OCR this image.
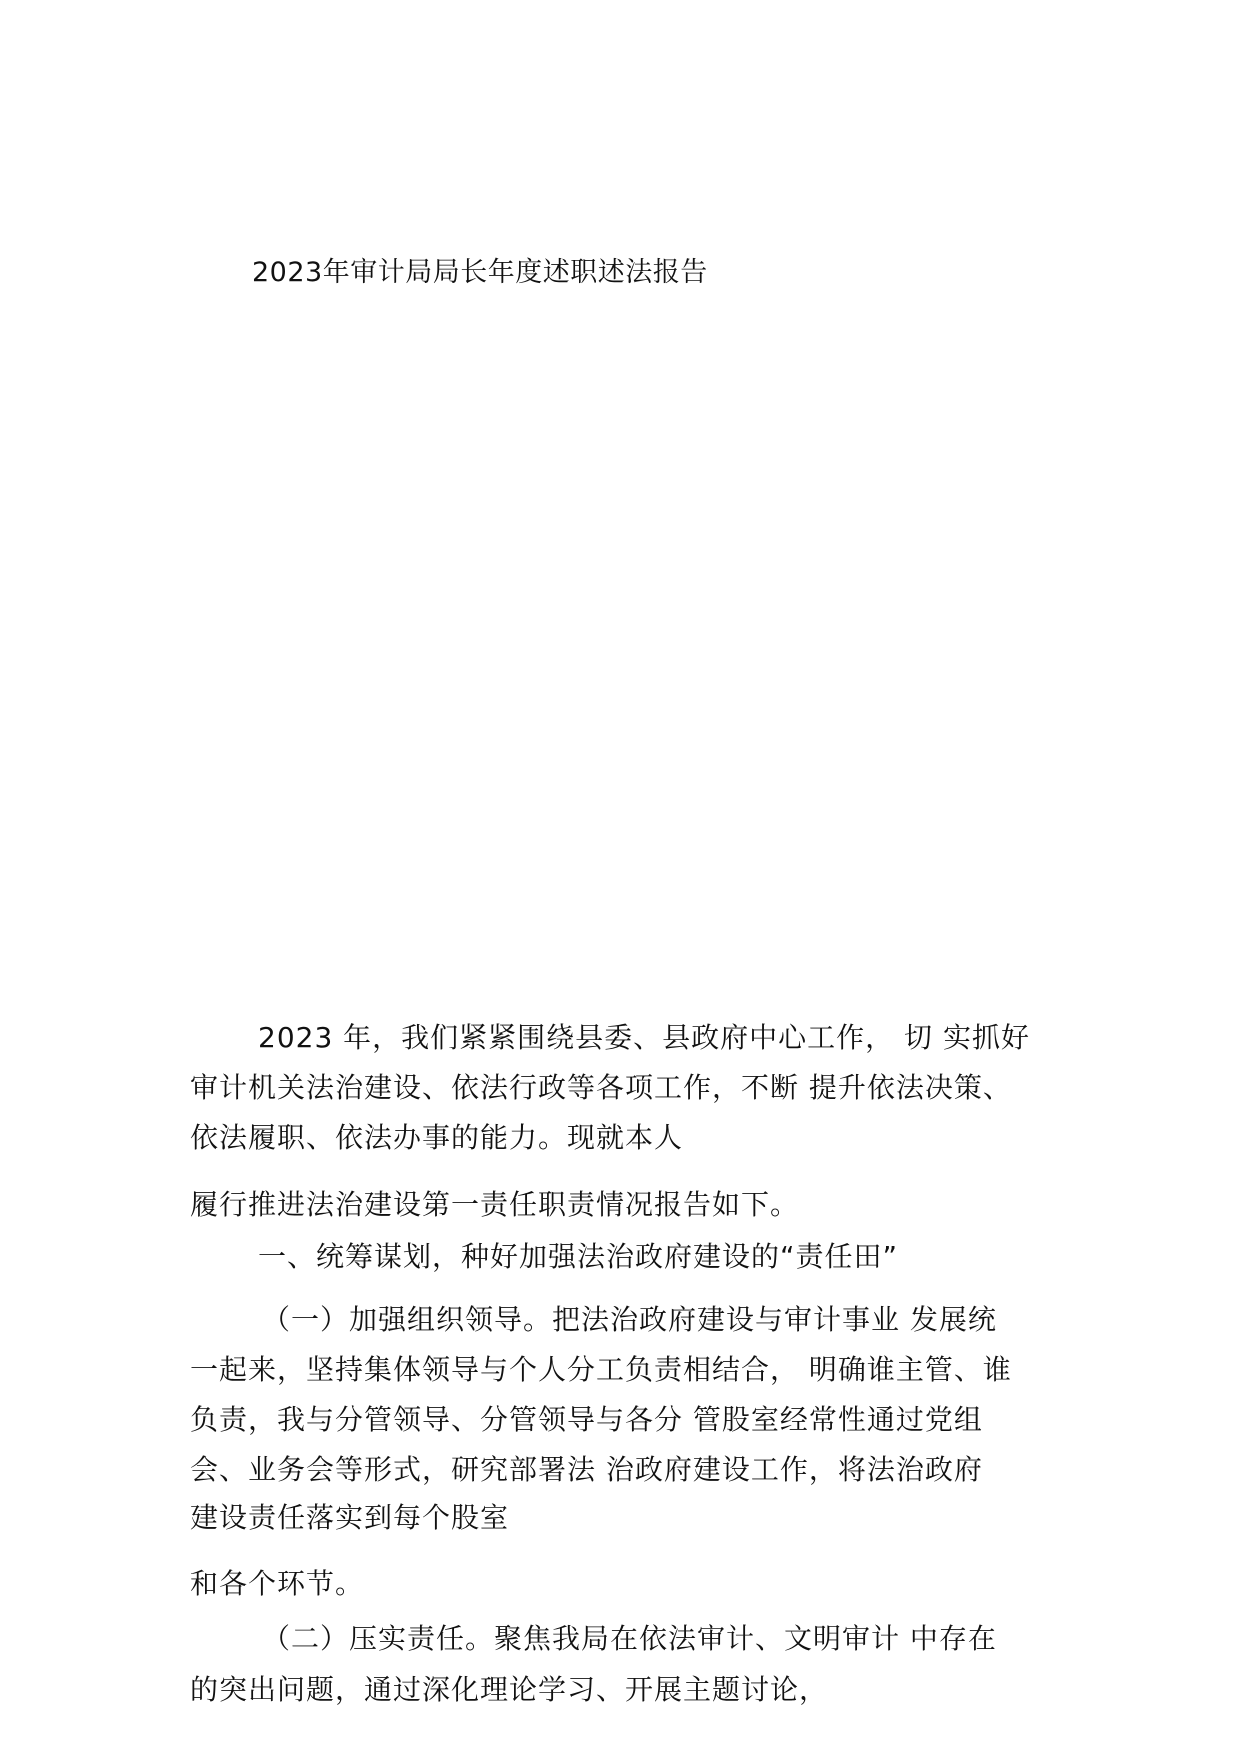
2023年审计局局长年度述职述法报告
2023 年，我们紧紧围绕县委、县政府中心工作， 切 实抓好
审计机关法治建设、依法行政等各项工作，不断 提升依法决策、
依法履职、依法办事的能力。现就本人
履行推进法治建设第一责任职责情况报告如下。
一、统筹谋划，种好加强法治政府建设的“责任田”
（一）加强组织领导。把法治政府建设与审计事业 发展统
一起来，坚持集体领导与个人分工负责相结合， 明确谁主管、谁
负责，我与分管领导、分管领导与各分 管股室经常性通过党组
会、业务会等形式，研究部署法 治政府建设工作，将法治政府
建设责任落实到每个股室
和各个环节。
（二）压实责任。聚焦我局在依法审计、文明审计 中存在
的突出问题，通过深化理论学习、开展主题讨论，
